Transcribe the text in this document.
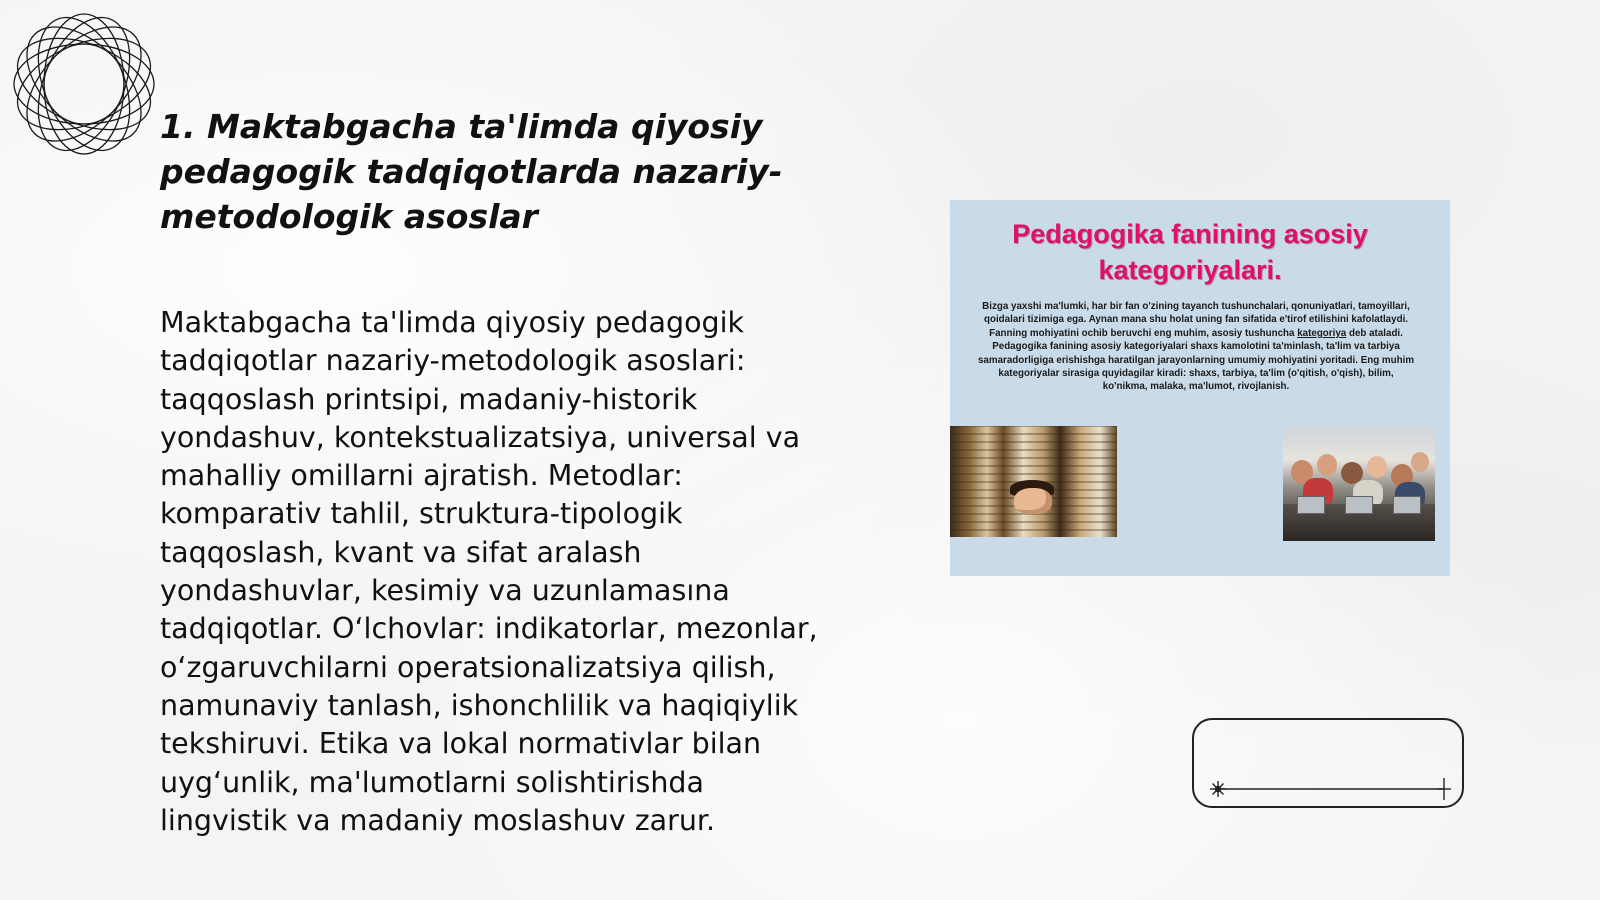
1. Maktabgacha ta'limda qiyosiy pedagogik tadqiqotlarda nazariy-metodologik asoslar

Maktabgacha ta'limda qiyosiy pedagogik tadqiqotlar nazariy-metodologik asoslari: taqqoslash printsipi, madaniy-historik yondashuv, kontekstualizatsiya, universal va mahalliy omillarni ajratish. Metodlar: komparativ tahlil, struktura-tipologik taqqoslash, kvant va sifat aralash yondashuvlar, kesimiy va uzunlamasına tadqiqotlar. O‘lchovlar: indikatorlar, mezonlar, o‘zgaruvchilarni operatsionalizatsiya qilish, namunaviy tanlash, ishonchlilik va haqiqiylik tekshiruvi. Etika va lokal normativlar bilan uyg‘unlik, ma'lumotlarni solishtirishda lingvistik va madaniy moslashuv zarur.

Pedagogika fanining asosiy kategoriyalari.
Bizga yaxshi ma'lumki, har bir fan o'zining tayanch tushunchalari, qonuniyatlari, tamoyillari, qoidalari tizimiga ega. Aynan mana shu holat uning fan sifatida e'tirof etilishini kafolatlaydi. Fanning mohiyatini ochib beruvchi eng muhim, asosiy tushuncha kategoriya deb ataladi. Pedagogika fanining asosiy kategoriyalari shaxs kamolotini ta'minlash, ta'lim va tarbiya samaradorligiga erishishga haratilgan jarayonlarning umumiy mohiyatini yoritadi. Eng muhim kategoriyalar sirasiga quyidagilar kiradi: shaxs, tarbiya, ta'lim (o'qitish, o'qish), bilim, ko'nikma, malaka, ma'lumot, rivojlanish.
